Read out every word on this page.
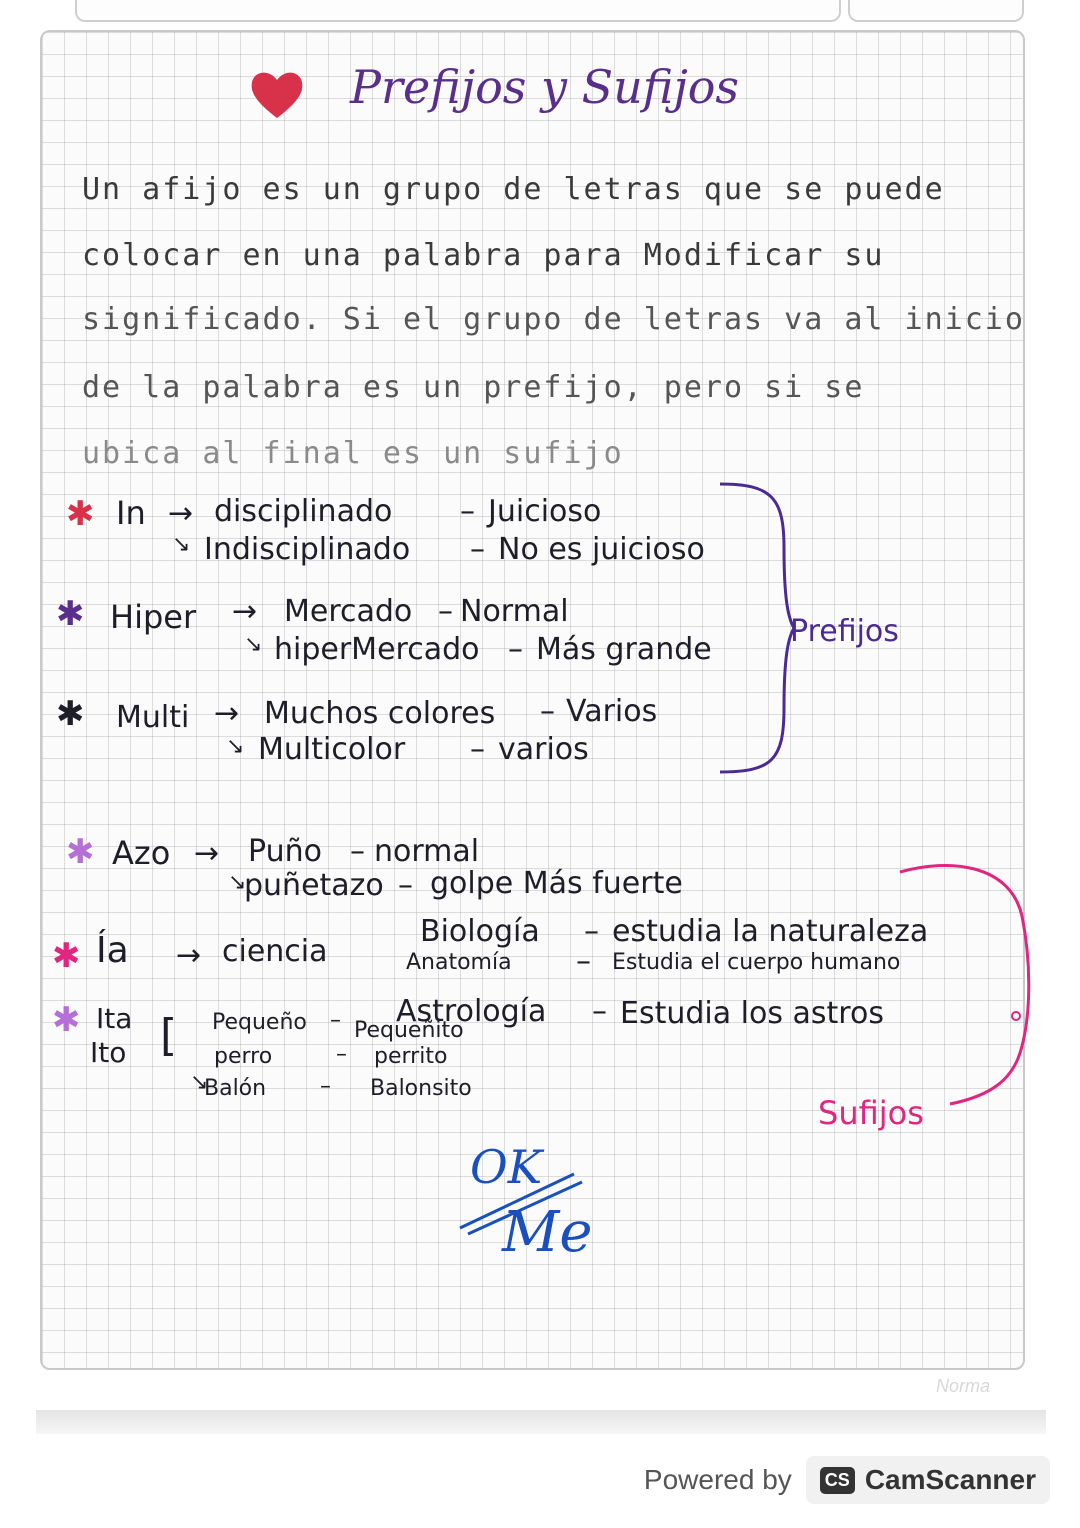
Prefijos y Sufijos
Un afijo es un grupo de letras que se puede
colocar en una palabra para Modificar su
significado. Si el grupo de letras va al inicio
de la palabra es un prefijo, pero si se
ubica al final es un sufijo
✱ In → disciplinado – Juicioso
↘ Indisciplinado – No es juicioso
✱ Hiper → Mercado – Normal
↘ hiperMercado – Más grande
✱ Multi → Muchos colores – Varios
↘ Multicolor – varios
Prefijos
✱ Azo → Puño – normal
↘
puñetazo – golpe Más fuerte
✱ Ía → ciencia
Biología – estudia la naturaleza
Anatomía – Estudia el cuerpo humano
Astrología – Estudia los astros
✱ Ita
Ito [ Pequeño – Pequeñito
perro	– perrito
↘
Balón – Balonsito
Sufijos
OK
Me
Norma
Powered by CS CamScanner
